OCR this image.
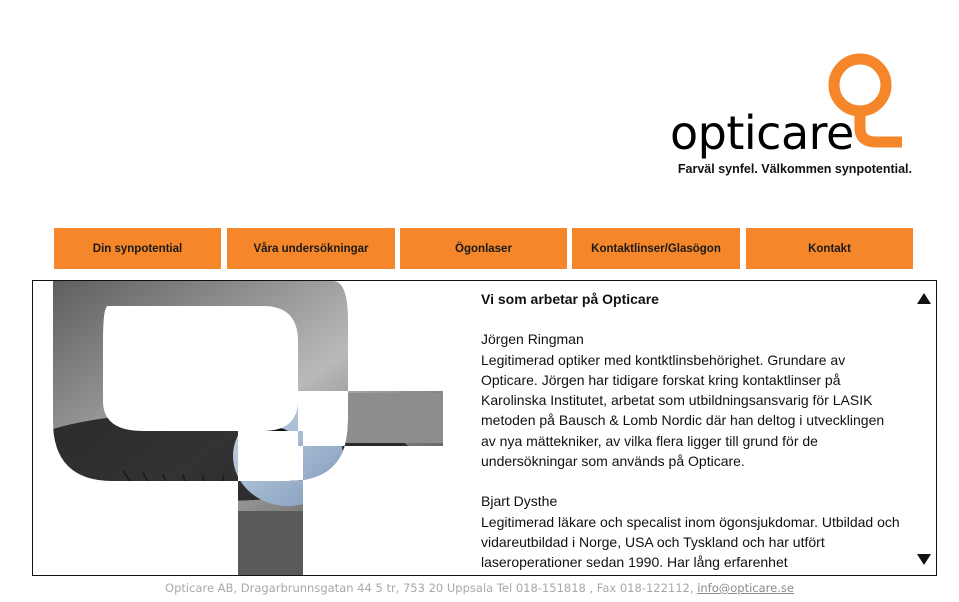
opticare
Farväl synfel. Välkommen synpotential.
Din synpotential	Våra undersökningar	Ögonlaser	Kontaktlinser/Glasögon	Kontakt
Vi som arbetar på Opticare

Jörgen Ringman
Legitimerad optiker med kontktlinsbehörighet. Grundare av Opticare. Jörgen har tidigare forskat kring kontaktlinser på Karolinska Institutet, arbetat som utbildningsansvarig för LASIK metoden på Bausch & Lomb Nordic där han deltog i utvecklingen av nya mättekniker, av vilka flera ligger till grund för de undersökningar som används på Opticare.

Bjart Dysthe
Legitimerad läkare och specalist inom ögonsjukdomar. Utbildad och vidareutbildad i Norge, USA och Tyskland och har utfört laseroperationer sedan 1990. Har lång erfarenhet

Opticare AB, Dragarbrunnsgatan 44 5 tr, 753 20 Uppsala Tel 018-151818 , Fax 018-122112, info@opticare.se
